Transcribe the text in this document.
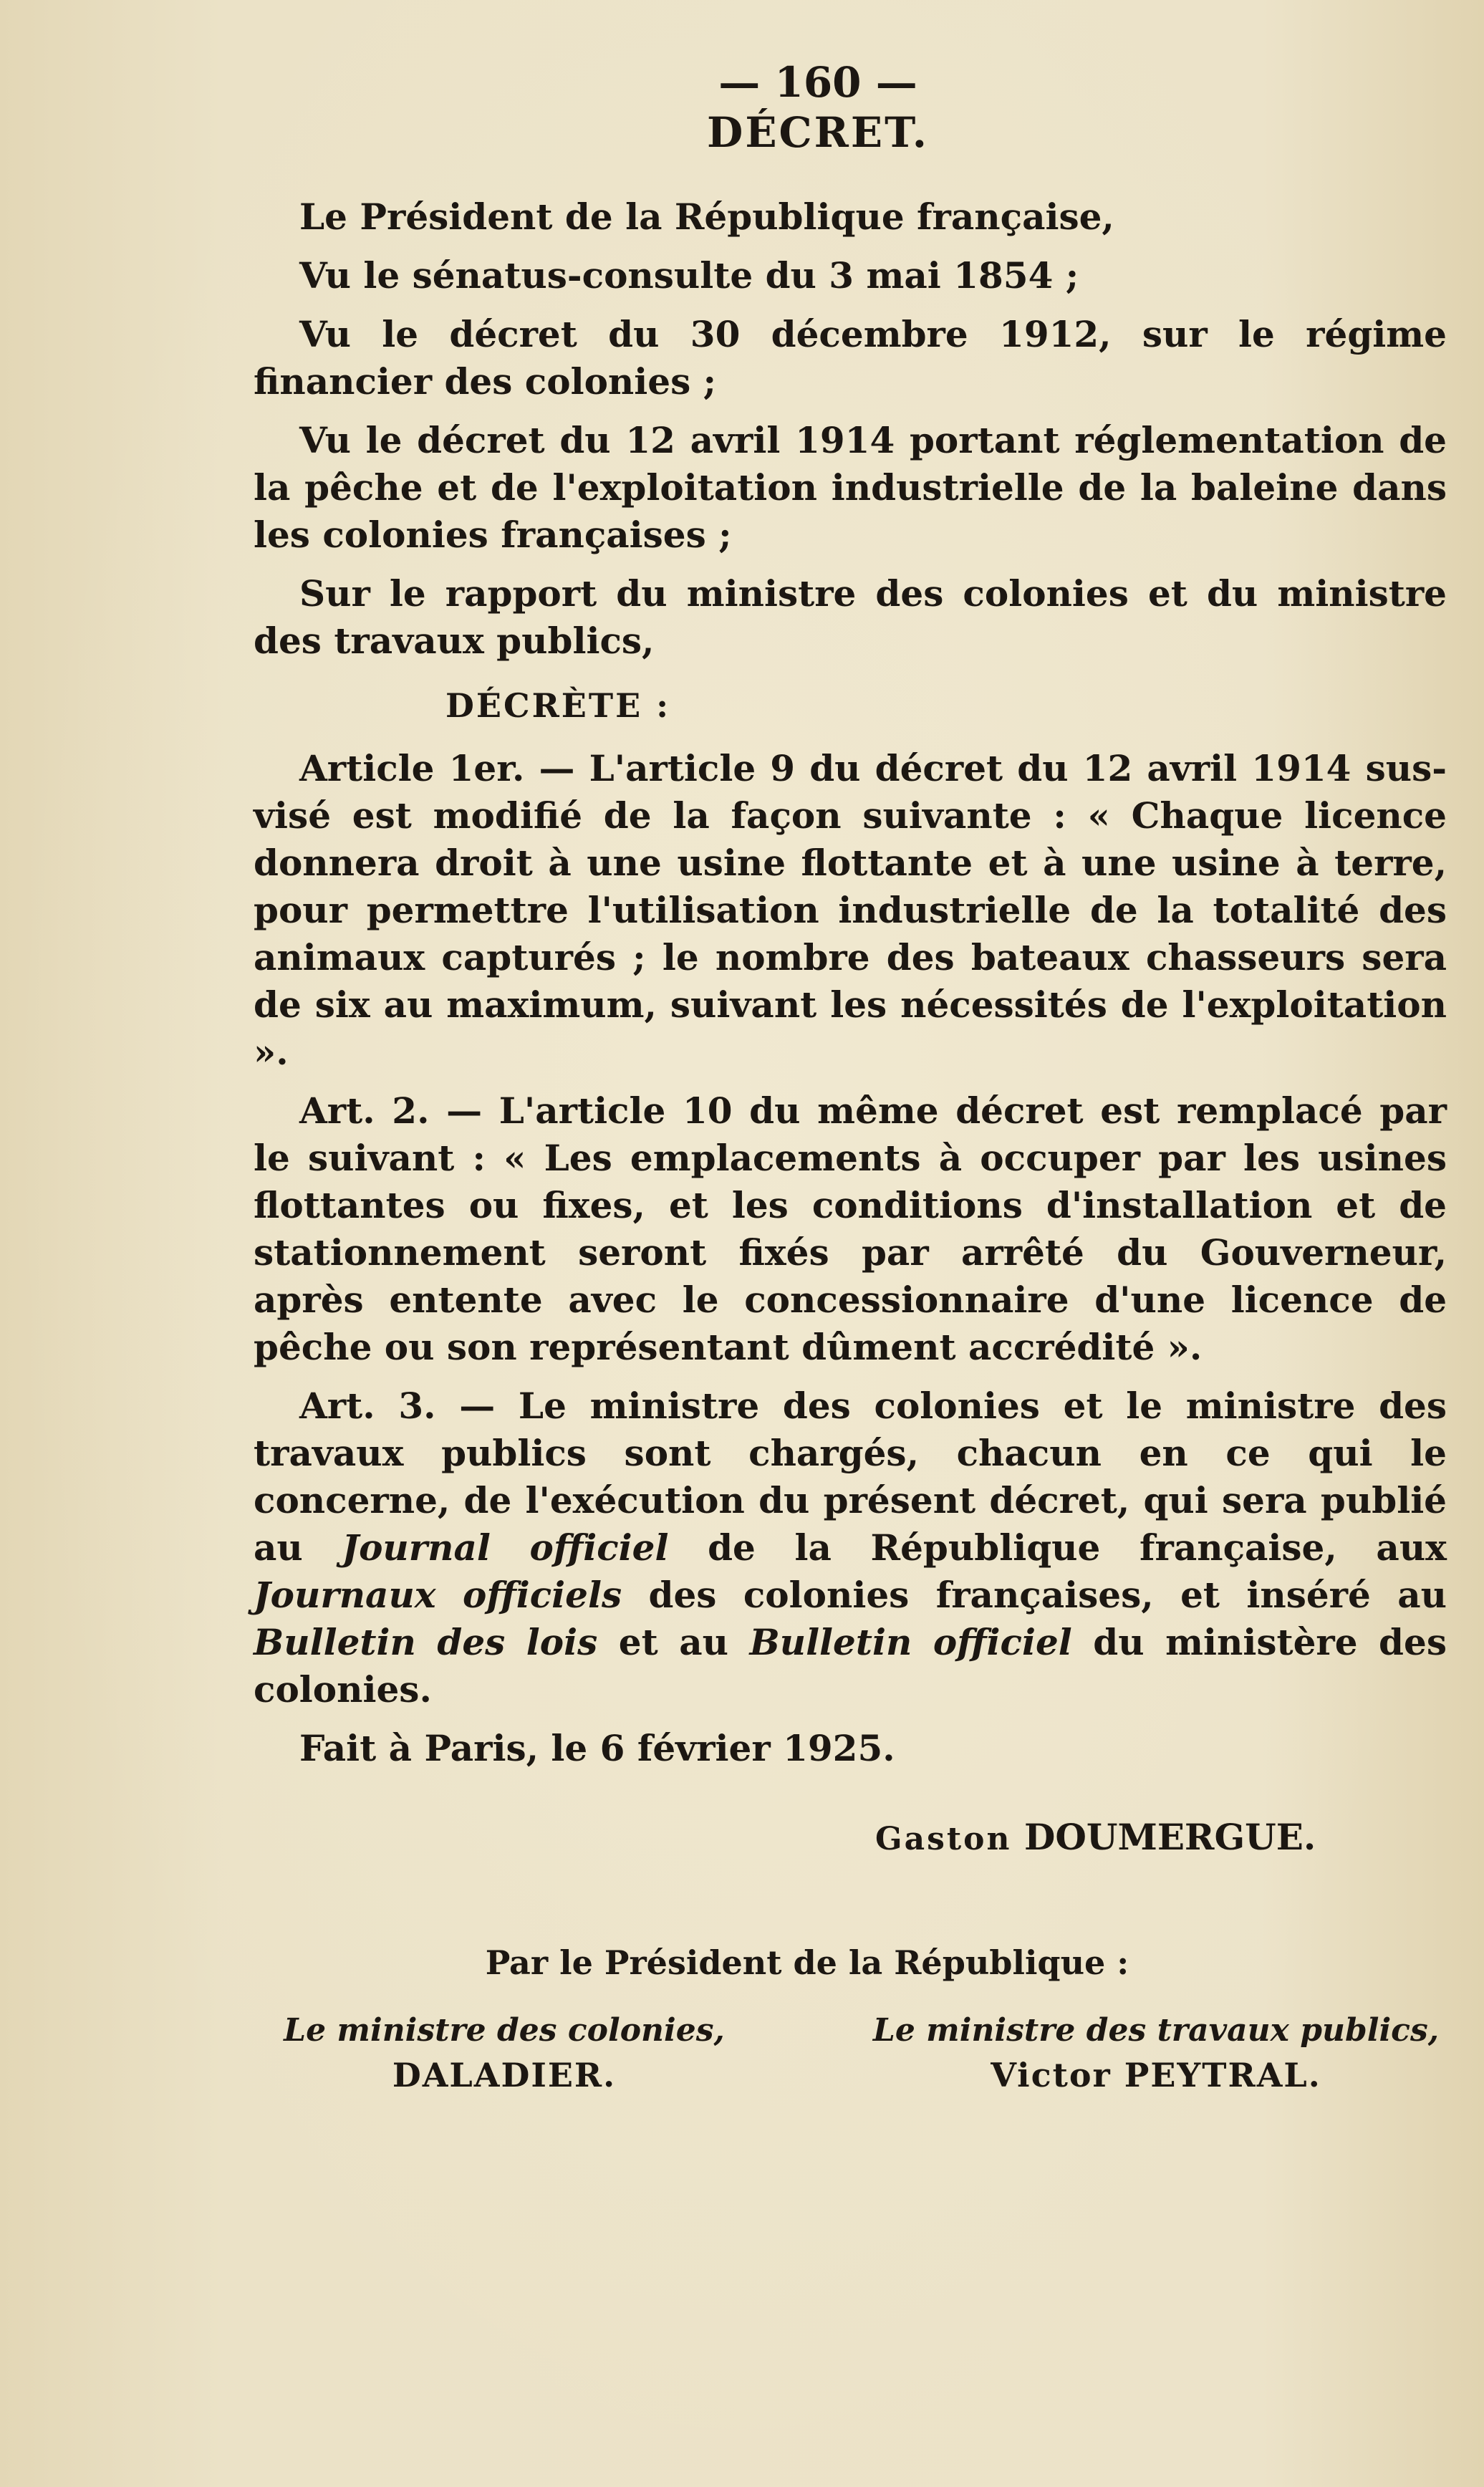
— 160 —
DÉCRET.

Le Président de la République française,

Vu le sénatus-consulte du 3 mai 1854 ;

Vu le décret du 30 décembre 1912, sur le régime financier des colonies ;

Vu le décret du 12 avril 1914 portant réglementation de la pêche et de l'exploitation industrielle de la baleine dans les colonies françaises ;

Sur le rapport du ministre des colonies et du ministre des travaux publics,

DÉCRÈTE :

Article 1er. — L'article 9 du décret du 12 avril 1914 sus-visé est modifié de la façon suivante : « Chaque licence donnera droit à une usine flottante et à une usine à terre, pour permettre l'utilisation industrielle de la totalité des animaux capturés ; le nombre des bateaux chasseurs sera de six au maximum, suivant les nécessités de l'exploitation ».

Art. 2. — L'article 10 du même décret est remplacé par le suivant : « Les emplacements à occuper par les usines flottantes ou fixes, et les conditions d'installation et de stationnement seront fixés par arrêté du Gouverneur, après entente avec le concessionnaire d'une licence de pêche ou son représentant dûment accrédité ».

Art. 3. — Le ministre des colonies et le ministre des travaux publics sont chargés, chacun en ce qui le concerne, de l'exécution du présent décret, qui sera publié au Journal officiel de la République française, aux Journaux officiels des colonies françaises, et inséré au Bulletin des lois et au Bulletin officiel du ministère des colonies.

Fait à Paris, le 6 février 1925.

Gaston DOUMERGUE.
Par le Président de la République :
Le ministre des colonies,
DALADIER.
Le ministre des travaux publics,
Victor PEYTRAL.
